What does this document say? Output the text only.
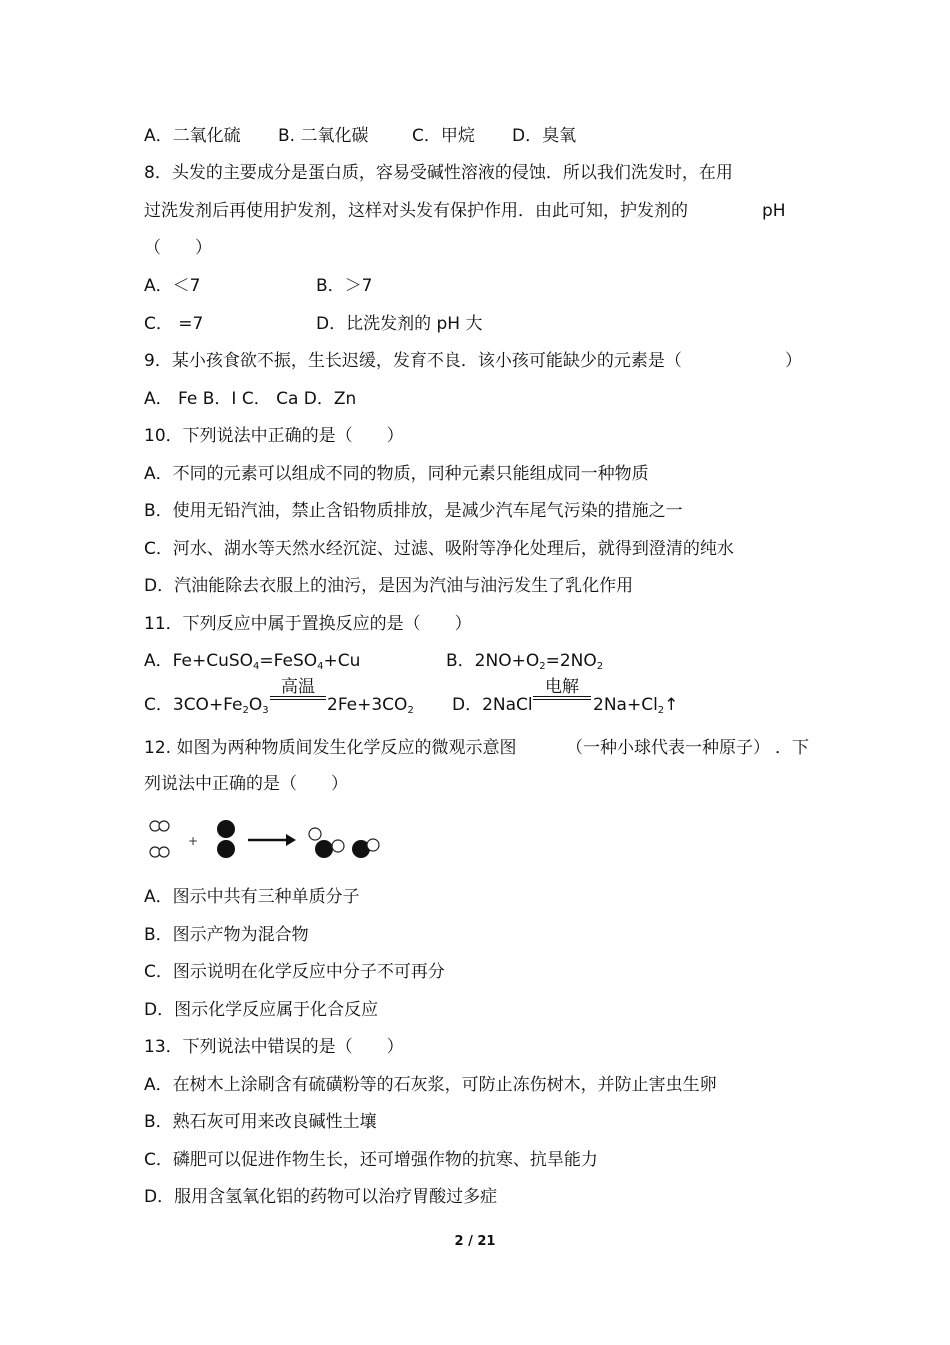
A．二氧化硫 B. 二氧化碳	C．甲烷 D．臭氧
8．头发的主要成分是蛋白质，容易受碱性溶液的侵蚀．所以我们洗发时，在用
过洗发剂后再使用护发剂，这样对头发有保护作用．由此可知，护发剂的	pH
（　　）
A．＜7	B．＞7
C． =7	D．比洗发剂的 pH 大
9．某小孩食欲不振，生长迟缓，发育不良．该小孩可能缺少的元素是（	）
A． Fe B．I C． Ca D．Zn
10．下列说法中正确的是（　　）
A．不同的元素可以组成不同的物质，同种元素只能组成同一种物质
B．使用无铅汽油，禁止含铅物质排放，是减少汽车尾气污染的措施之一
C．河水、湖水等天然水经沉淀、过滤、吸附等净化处理后，就得到澄清的纯水
D．汽油能除去衣服上的油污，是因为汽油与油污发生了乳化作用
11．下列反应中属于置换反应的是（　　）
A．Fe+CuSO$_4$=FeSO$_4$+Cu	B．$2NO+O_2=2NO_2$
C．$3CO+Fe_2O_3$
高温
$2Fe+3CO_2$ D．2NaCl
电解
$2Na+Cl_2↑$
12. 如图为两种物质间发生化学反应的微观示意图	（一种小球代表一种原子） ．下
列说法中正确的是（　　）
+
A．图示中共有三种单质分子
B．图示产物为混合物
C．图示说明在化学反应中分子不可再分
D．图示化学反应属于化合反应
13．下列说法中错误的是（　　）
A．在树木上涂刷含有硫磺粉等的石灰浆，可防止冻伤树木，并防止害虫生卵
B．熟石灰可用来改良碱性土壤
C．磷肥可以促进作物生长，还可增强作物的抗寒、抗旱能力
D．服用含氢氧化铝的药物可以治疗胃酸过多症
2 / 21
